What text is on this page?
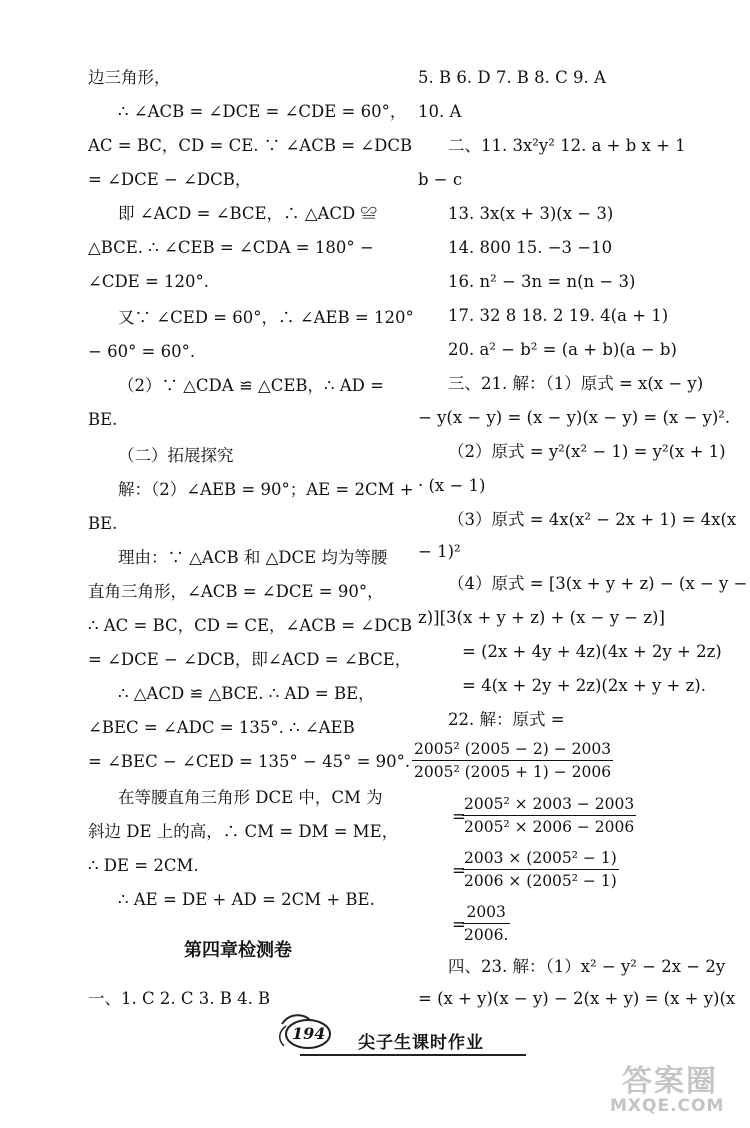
边三角形，
∴ ∠ACB = ∠DCE = ∠CDE = 60°，
AC = BC，CD = CE. ∵ ∠ACB = ∠DCB
= ∠DCE − ∠DCB，
即 ∠ACD = ∠BCE，∴ △ACD ≌
△BCE. ∴ ∠CEB = ∠CDA = 180° −
∠CDE = 120°.
又∵ ∠CED = 60°，∴ ∠AEB = 120°
− 60° = 60°.
（2）∵ △CDA ≌ △CEB，∴ AD =
BE.
（二）拓展探究
解：（2）∠AEB = 90°；AE = 2CM +
BE.
理由：∵ △ACB 和 △DCE 均为等腰
直角三角形，∠ACB = ∠DCE = 90°，
∴ AC = BC，CD = CE，∠ACB = ∠DCB
= ∠DCE − ∠DCB，即∠ACD = ∠BCE，
∴ △ACD ≌ △BCE. ∴ AD = BE，
∠BEC = ∠ADC = 135°. ∴ ∠AEB
= ∠BEC − ∠CED = 135° − 45° = 90°.
在等腰直角三角形 DCE 中，CM 为
斜边 DE 上的高，∴ CM = DM = ME，
∴ DE = 2CM.
∴ AE = DE + AD = 2CM + BE.
一、1. C 2. C 3. B 4. B
第四章检测卷
5. B 6. D 7. B 8. C 9. A
10. A
二、11. 3x²y² 12. a + b x + 1
b − c
13. 3x(x + 3)(x − 3)
14. 800 15. −3 −10
16. n² − 3n = n(n − 3)
17. 32 8 18. 2 19. 4(a + 1)
20. a² − b² = (a + b)(a − b)
三、21. 解：（1）原式 = x(x − y)
− y(x − y) = (x − y)(x − y) = (x − y)².
（2）原式 = y²(x² − 1) = y²(x + 1)
· (x − 1)
（3）原式 = 4x(x² − 2x + 1) = 4x(x
− 1)²
（4）原式 = [3(x + y + z) − (x − y −
z)][3(x + y + z) + (x − y − z)]
= (2x + 4y + 4z)(4x + 2y + 2z)
= 4(x + 2y + 2z)(2x + y + z).
22. 解：原式 =
2005² (2005 − 2) − 2003
2005² (2005 + 1) − 2006
=
2005² × 2003 − 2003
2005² × 2006 − 2006
=
2003 × (2005² − 1)
2006 × (2005² − 1)
=
2003
2006.
四、23. 解：（1）x² − y² − 2x − 2y
= (x + y)(x − y) − 2(x + y) = (x + y)(x
194 尖子生课时作业
答案圈
MXQE.COM
